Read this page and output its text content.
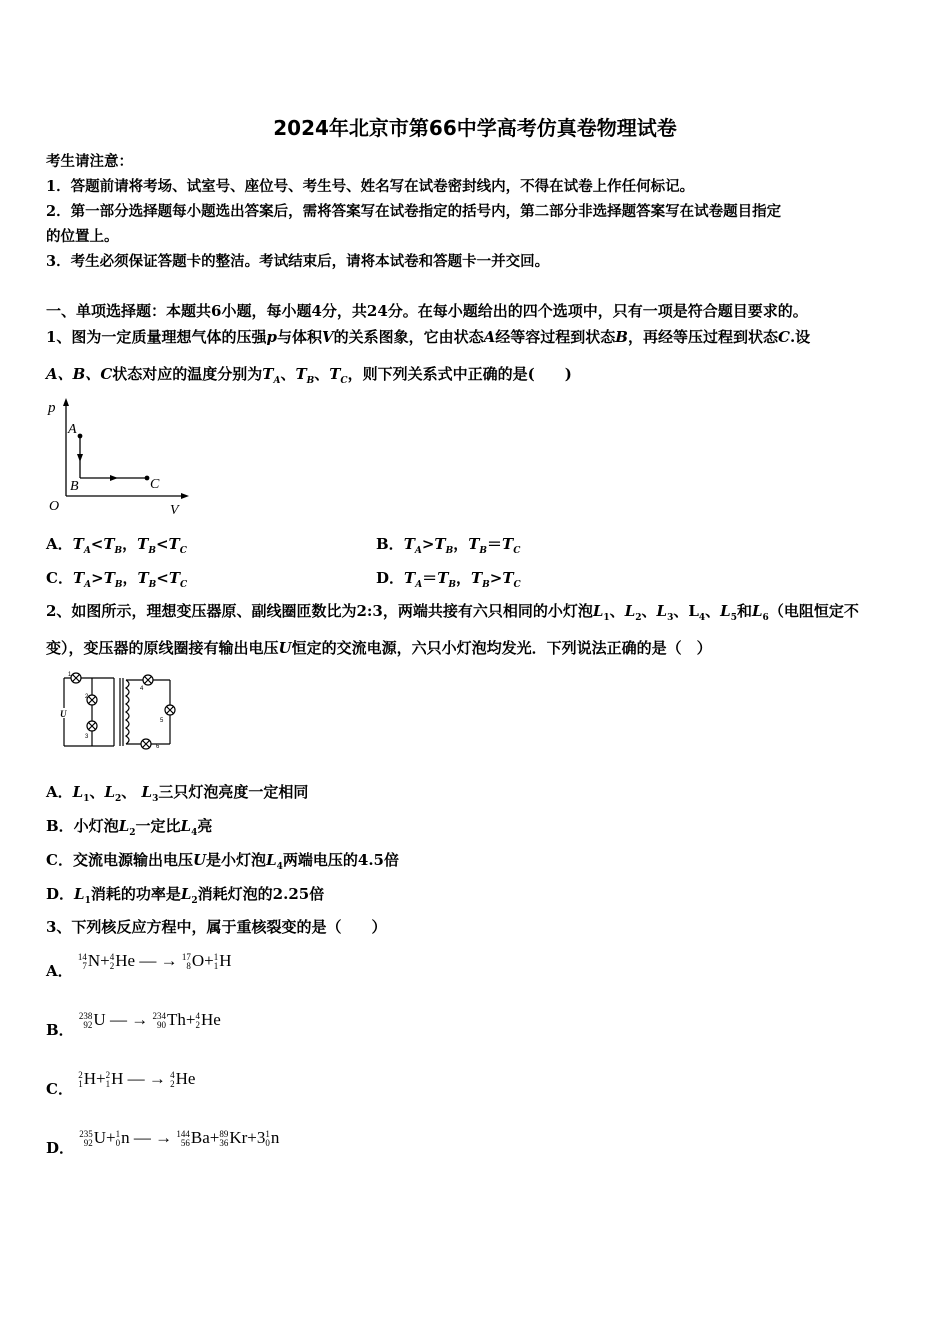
2024年北京市第66中学高考仿真卷物理试卷
考生请注意：
1．答题前请将考场、试室号、座位号、考生号、姓名写在试卷密封线内，不得在试卷上作任何标记。
2．第一部分选择题每小题选出答案后，需将答案写在试卷指定的括号内，第二部分非选择题答案写在试卷题目指定
的位置上。
3．考生必须保证答题卡的整洁。考试结束后，请将本试卷和答题卡一并交回。
一、单项选择题：本题共6小题，每小题4分，共24分。在每小题给出的四个选项中，只有一项是符合题目要求的。
1、图为一定质量理想气体的压强p与体积V的关系图象，它由状态A经等容过程到状态B，再经等压过程到状态C.设
A、B、C状态对应的温度分别为$T_A$、$T_B$、$T_C$，则下列关系式中正确的是(　　)
p
A
B	C
O	V
A．$T_A<T_B$，$T_B<T_C$	B．$T_A>T_B$，$T_B=T_C$
C．$T_A>T_B$，$T_B<T_C$	D．$T_A=T_B$，$T_B>T_C$
2、如图所示，理想变压器原、副线圈匝数比为2:3，两端共接有六只相同的小灯泡$L_1$、$L_2$、$L_3$、$L_4$、$L_5$和$L_6$（电阻恒定不
变），变压器的原线圈接有输出电压U恒定的交流电源，六只小灯泡均发光．下列说法正确的是（　）
U
1
2
3
4
5
6
A．$L_1$、$L_2$、 $L_3$三只灯泡亮度一定相同
B．小灯泡$L_2$一定比$L_4$亮
C．交流电源输出电压U是小灯泡$L_4$两端电压的4.5倍
D．$L_1$消耗的功率是$L_2$消耗灯泡的2.25倍
3、下列核反应方程中，属于重核裂变的是（　　）
A．
14
7 N+ 4
2 He — → 17
8 O+ 1
1 H
B．
238
92 U — → 234
90 Th+ 4
2 He
C．
2
1 H+ 2
1 H — → 4
2 He
D．
235
92 U+ 1
0 n — → 144
56 Ba+ 89
36 Kr+3 1
0 n
